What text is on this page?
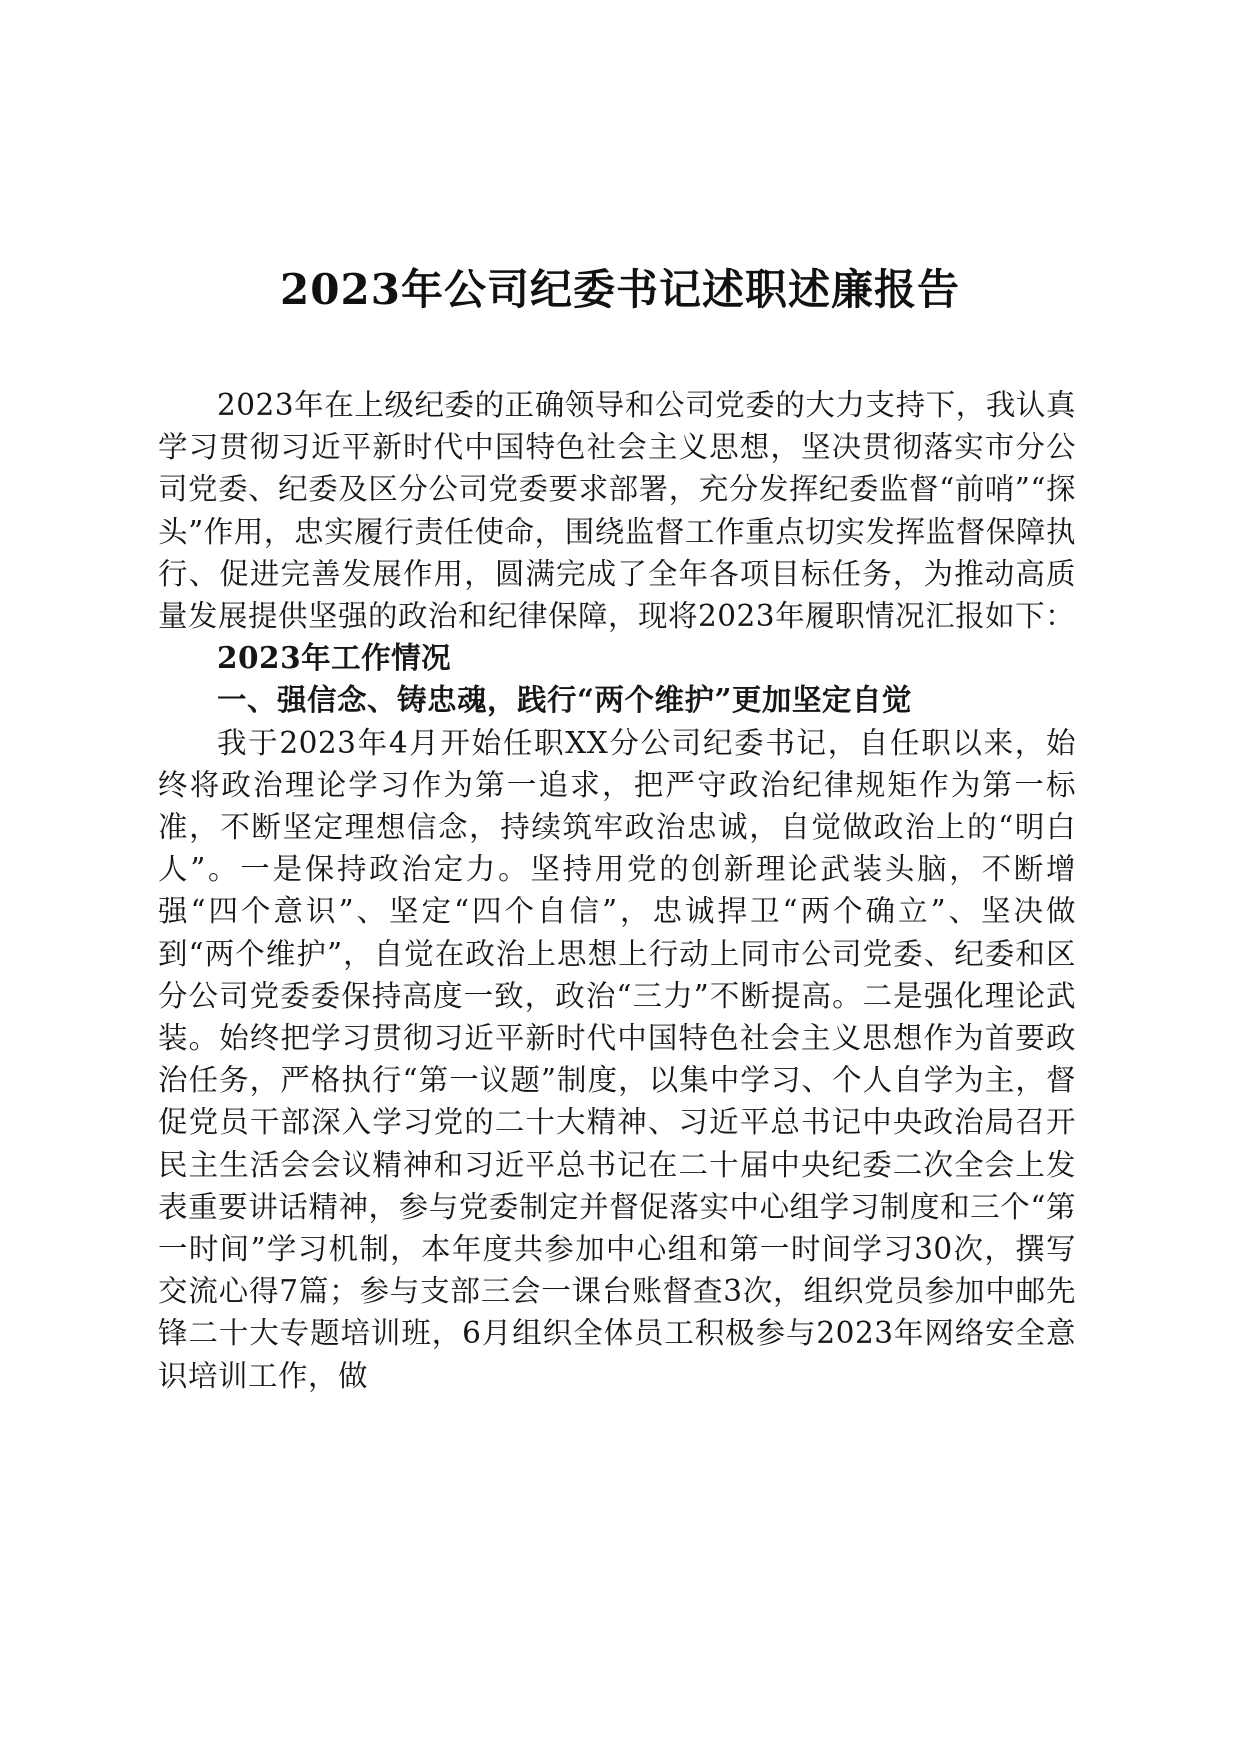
2023年公司纪委书记述职述廉报告

2023年在上级纪委的正确领导和公司党委的大力支持下，我认真学习贯彻习近平新时代中国特色社会主义思想，坚决贯彻落实市分公司党委、纪委及区分公司党委要求部署，充分发挥纪委监督“前哨”“探头”作用，忠实履行责任使命，围绕监督工作重点切实发挥监督保障执行、促进完善发展作用，圆满完成了全年各项目标任务，为推动高质量发展提供坚强的政治和纪律保障，现将2023年履职情况汇报如下：

2023年工作情况

一、强信念、铸忠魂，践行“两个维护”更加坚定自觉

我于2023年4月开始任职XX分公司纪委书记，自任职以来，始终将政治理论学习作为第一追求，把严守政治纪律规矩作为第一标准，不断坚定理想信念，持续筑牢政治忠诚，自觉做政治上的“明白人”。一是保持政治定力。坚持用党的创新理论武装头脑，不断增强“四个意识”、坚定“四个自信”，忠诚捍卫“两个确立”、坚决做到“两个维护”，自觉在政治上思想上行动上同市公司党委、纪委和区分公司党委委保持高度一致，政治“三力”不断提高。二是强化理论武装。始终把学习贯彻习近平新时代中国特色社会主义思想作为首要政治任务，严格执行“第一议题”制度，以集中学习、个人自学为主，督促党员干部深入学习党的二十大精神、习近平总书记中央政治局召开民主生活会会议精神和习近平总书记在二十届中央纪委二次全会上发表重要讲话精神，参与党委制定并督促落实中心组学习制度和三个“第一时间”学习机制，本年度共参加中心组和第一时间学习30次，撰写交流心得7篇；参与支部三会一课台账督查3次，组织党员参加中邮先锋二十大专题培训班，6月组织全体员工积极参与2023年网络安全意识培训工作，做
